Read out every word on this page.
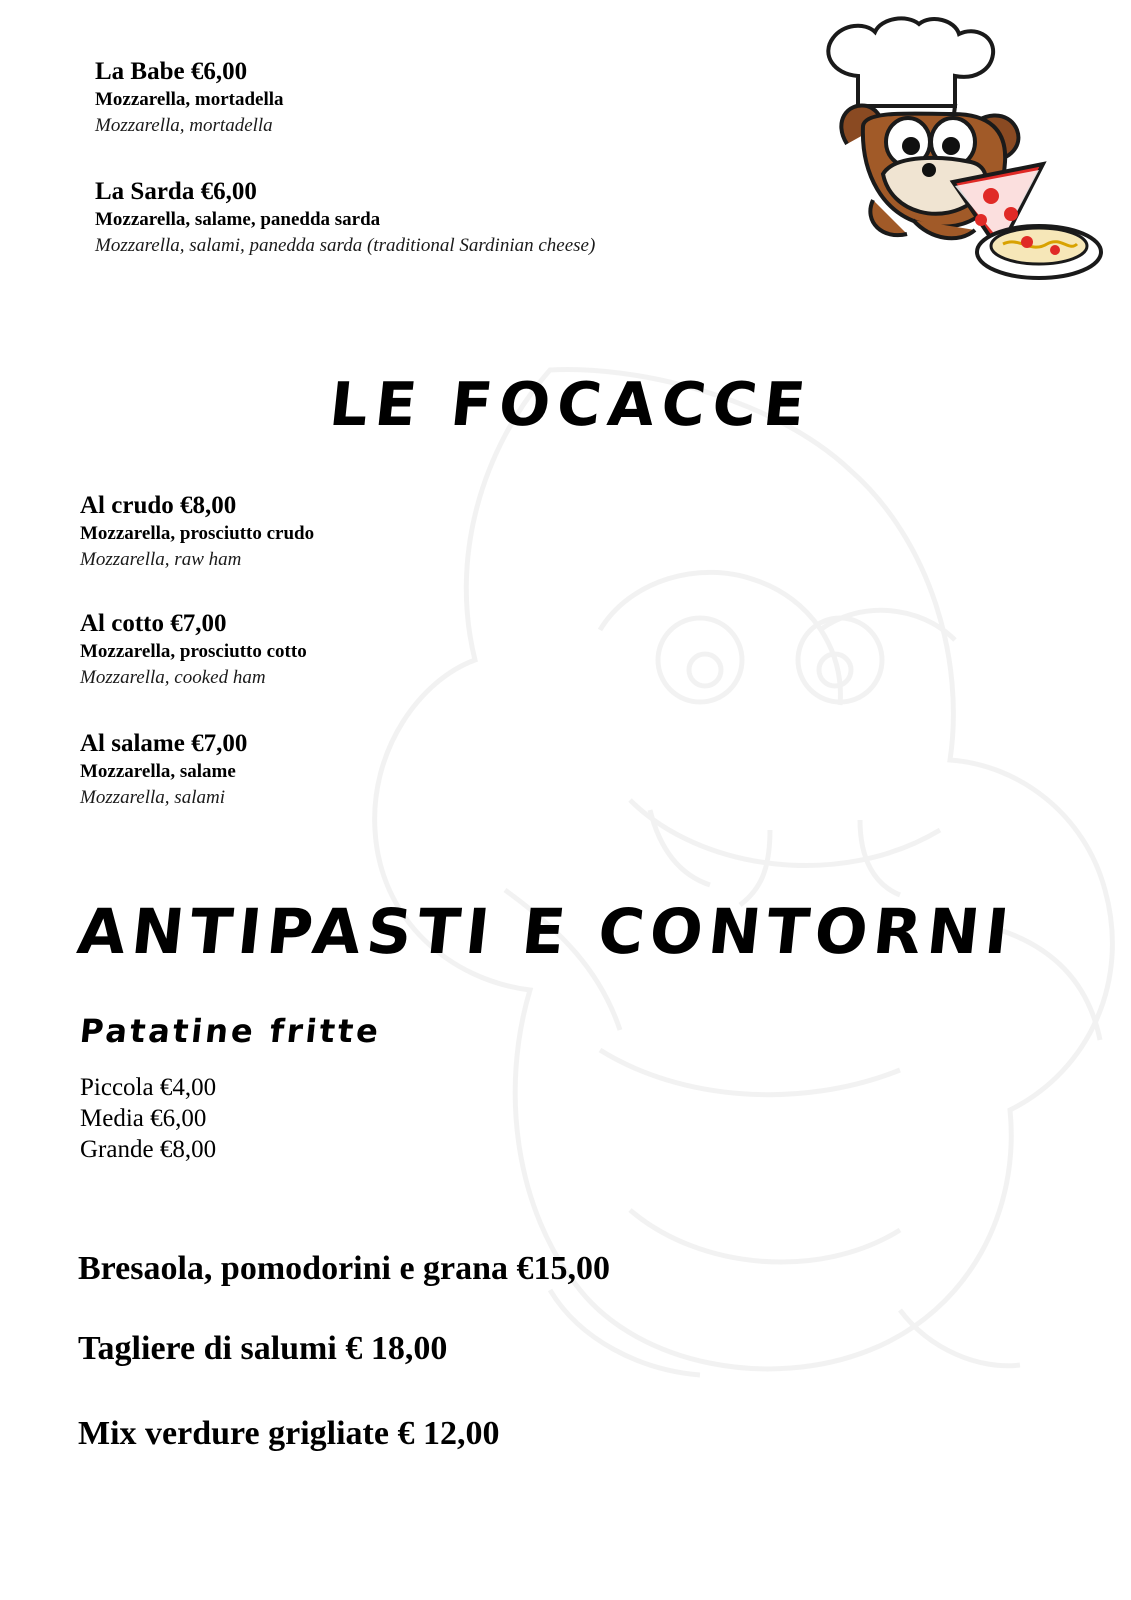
La Babe €6,00
Mozzarella, mortadella
Mozzarella, mortadella
La Sarda €6,00
Mozzarella, salame, panedda sarda
Mozzarella, salami, panedda sarda (traditional Sardinian cheese)
LE FOCACCE
Al crudo €8,00
Mozzarella, prosciutto crudo
Mozzarella, raw ham
Al cotto €7,00
Mozzarella, prosciutto cotto
Mozzarella, cooked ham
Al salame €7,00
Mozzarella, salame
Mozzarella, salami
ANTIPASTI E CONTORNI
Patatine fritte
Piccola €4,00
Media €6,00
Grande €8,00
Bresaola, pomodorini e grana €15,00
Tagliere di salumi € 18,00
Mix verdure grigliate € 12,00
